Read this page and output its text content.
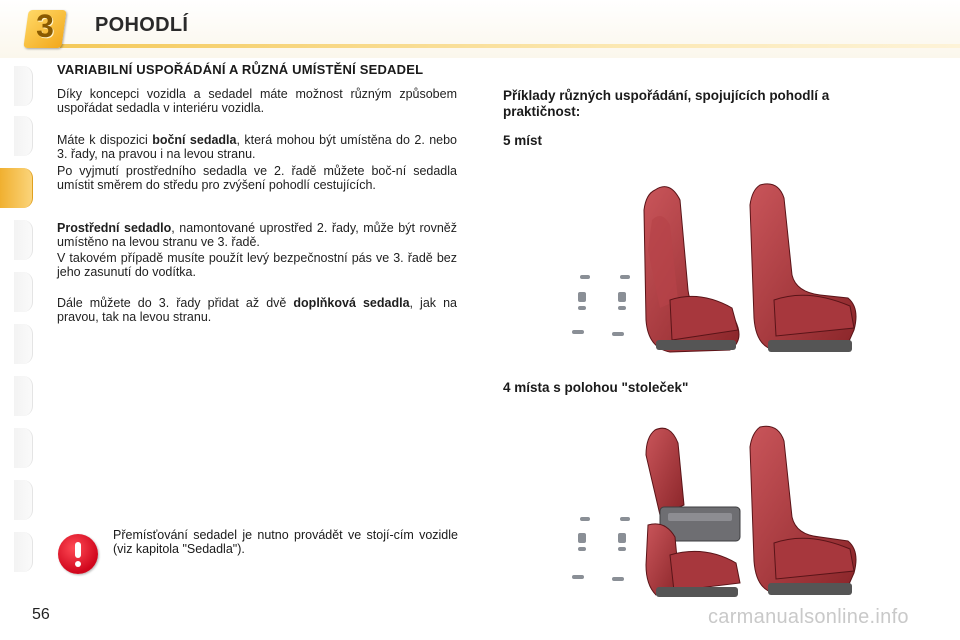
3	POHODLÍ
VARIABILNÍ USPOŘÁDÁNÍ A RŮZNÁ UMÍSTĚNÍ SEDADEL
Díky koncepci vozidla a sedadel máte možnost různým způsobem uspořádat sedadla v interiéru vozidla.
Máte k dispozici boční sedadla, která mohou být umístěna do 2. nebo 3. řady, na pravou i na levou stranu.
Po vyjmutí prostředního sedadla ve 2. řadě můžete boč-ní sedadla umístit směrem do středu pro zvýšení pohodlí cestujících.
Prostřední sedadlo, namontované uprostřed 2. řady, může být rovněž umístěno na levou stranu ve 3. řadě.
V takovém případě musíte použít levý bezpečnostní pás ve 3. řadě bez jeho zasunutí do vodítka.
Dále můžete do 3. řady přidat až dvě doplňková sedadla, jak na pravou, tak na levou stranu.
Příklady různých uspořádání, spojujících pohodlí a praktičnost:
5 míst
4 místa s polohou "stoleček"
Přemísťování sedadel je nutno provádět ve stojí-cím vozidle (viz kapitola "Sedadla").
56	carmanualsonline.info
